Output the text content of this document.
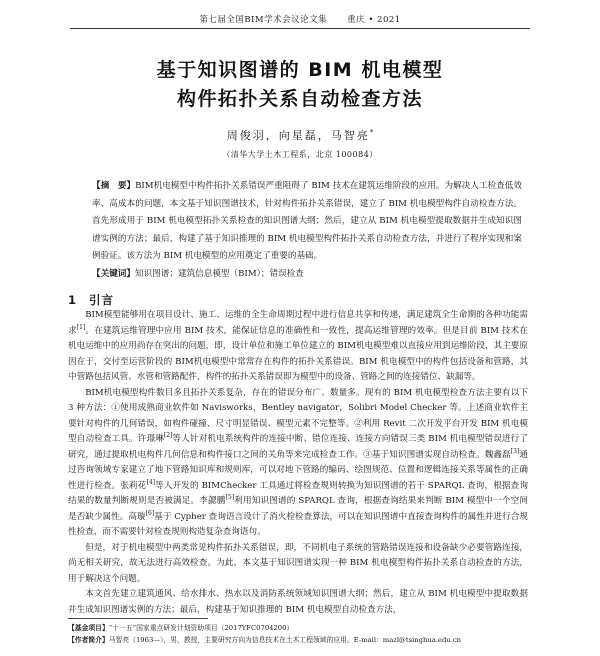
第七届全国BIM学术会议论文集 重庆 • 2021
基于知识图谱的 BIM 机电模型
构件拓扑关系自动检查方法
周俊羽，向星磊，马智亮*
（清华大学土木工程系，北京 100084）
【摘　要】BIM机电模型中构件拓扑关系错误严重阻碍了 BIM 技术在建筑运维阶段的应用。为解决人工检查低效率、高成本的问题，本文基于知识图谱技术，针对构件拓扑关系错误，建立了 BIM 机电模型构件自动检查方法。首先形成用于 BIM 机电模型拓扑关系检查的知识图谱大纲；然后，建立从 BIM 机电模型提取数据并生成知识图谱实例的方法；最后，构建了基于知识推理的 BIM 机电模型构件拓扑关系自动检查方法，并进行了程序实现和案例验证。该方法为 BIM 机电模型的应用奠定了重要的基础。
【关键词】知识图谱；建筑信息模型（BIM）；错误检查
1 引言

BIM模型能够用在项目设计、施工、运维的全生命周期过程中进行信息共享和传递，满足建筑全生命期的各种功能需求[1]。在建筑运维管理中应用 BIM 技术，能保证信息的准确性和一致性，提高运维管理的效率。但是目前 BIM 技术在机电运维中的应用尚存在突出的问题，即，设计单位和施工单位建立的 BIM机电模型难以直接应用到运维阶段，其主要原因在于，交付至运营阶段的 BIM机电模型中常常存在构件的拓扑关系错误。BIM 机电模型中的构件包括设备和管路，其中管路包括风管、水管和管路配件，构件的拓扑关系错误即为模型中的设备、管路之间的连接错位、缺漏等。

BIM机电模型构件数目多且拓扑关系复杂，存在的错误分布广、数量多。现有的 BIM 机电模型检查方法主要有以下 3 种方法：①使用成熟商业软件如 Navisworks，Bentley navigator，Solibri Model Checker 等。上述商业软件主要针对构件的几何错误，如构件碰撞、尺寸明显错误、模型元素不完整等。②利用 Revit 二次开发平台开发 BIM 机电模型自动检查工具。许璟琳[2]等人针对机电系统构件的连接中断、错位连接、连接方向错误三类 BIM 机电模型错误进行了研究，通过提取机电构件几何信息和构件接口之间的关角等来完成检查工作。③基于知识图谱实现自动检查。魏鑫磊[3]通过咨询领域专家建立了地下管路知识库和规则库，可以对地下管路的编码、绘图规范、位置和逻辑连接关系等属性的正确性进行检查。张莉花[4]等人开发的 BIMChecker 工具通过将检查规则转换为知识图谱的若干 SPARQL 查询，根据查询结果的数量判断规则是否被满足。李勰鹏[5]利用知识图谱的 SPARQL 查询，根据查询结果来判断 BIM 模型中一个空间是否缺少属性。高璇[6]基于 Cypher 查询语言设计了消火栓检查算法，可以在知识图谱中直接查询构件的属性并进行合规性检查，而不需要针对检查规则构造复杂查询语句。

但是，对于机电模型中两类常见构件拓扑关系错误，即，不同机电子系统的管路错误连接和设备缺少必要管路连接，尚无相关研究，故无法进行高效检查。为此，本文基于知识图谱实现一种 BIM 机电模型构件拓扑关系自动检查的方法，用于解决这个问题。

本文首先建立建筑通风、给水排水、热水以及消防系统领域知识图谱大纲；然后，建立从 BIM 机电模型中提取数据并生成知识图谱实例的方法；最后，构建基于知识推理的 BIM 机电模型自动检查方法，

【基金项目】“十一五”国家重点研发计划资助项目（2017YFC0704200）
【作者简介】马智亮（1963—），男，教授，主要研究方向为信息技术在土木工程领域的应用。E-mail：mazl@tsinghua.edu.cn
